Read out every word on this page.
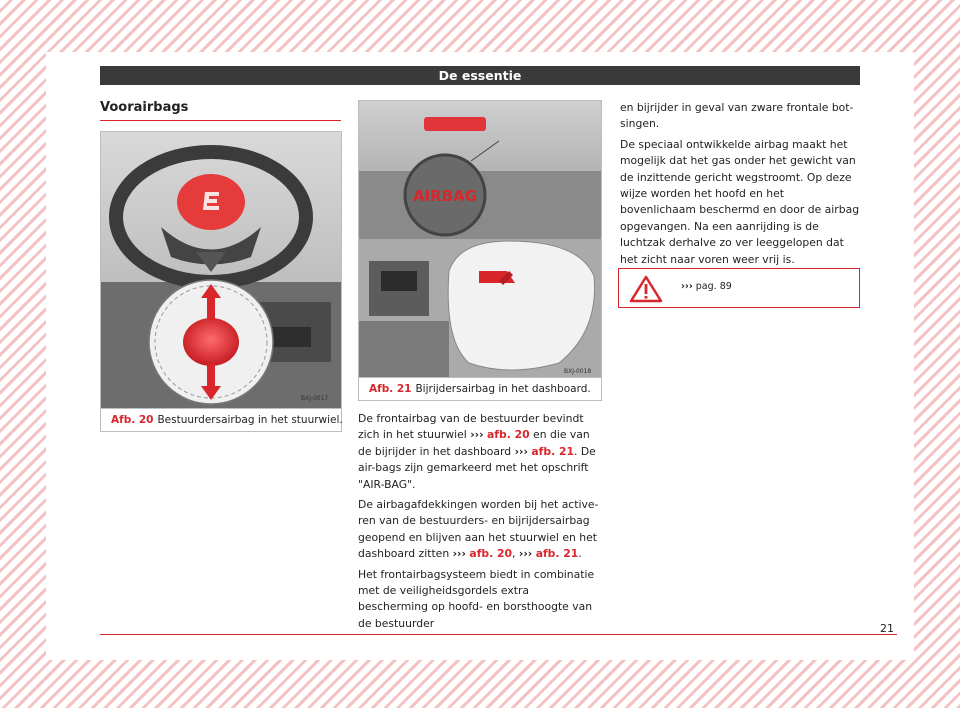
De essentie
Voorairbags
BXJ-0017
Afb. 20 Bestuurdersairbag in het stuurwiel.
AIRBAG
BXJ-0018
Afb. 21 Bijrijdersairbag in het dashboard.

De frontairbag van de bestuurder bevindt zich in het stuurwiel ››› afb. 20 en die van de bijrijder in het dashboard ››› afb. 21. De air-bags zijn gemarkeerd met het opschrift "AIR-BAG".

De airbagafdekkingen worden bij het active-ren van de bestuurders- en bijrijdersairbag geopend en blijven aan het stuurwiel en het dashboard zitten ››› afb. 20, ››› afb. 21.

Het frontairbagsysteem biedt in combinatie met de veiligheidsgordels extra bescherming op hoofd- en borsthoogte van de bestuurder

en bijrijder in geval van zware frontale bot-singen.

De speciaal ontwikkelde airbag maakt het mogelijk dat het gas onder het gewicht van de inzittende gericht wegstroomt. Op deze wijze worden het hoofd en het bovenlichaam beschermd en door de airbag opgevangen. Na een aanrijding is de luchtzak derhalve zo ver leeggelopen dat het zicht naar voren weer vrij is.

››› pag. 89
21
